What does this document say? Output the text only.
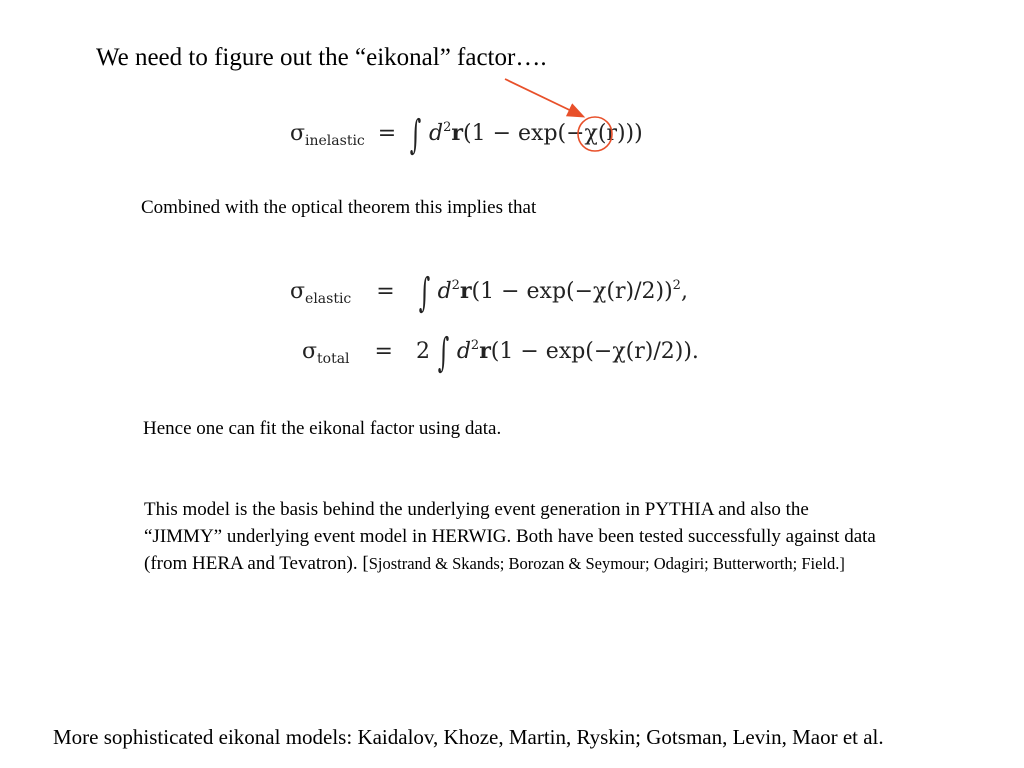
We need to figure out the “eikonal” factor….
$\sigma_{inelastic}$ = ∫ $d^2r(1 - \exp(-\chi(r)))$
Combined with the optical theorem this implies that
$\sigma_{elastic}$ = ∫ $d^2r(1 - \exp(-\chi(r)/2))^2$,
$\sigma_{total} = 2$ ∫ $d^2r(1 - \exp(-\chi(r)/2))$.
Hence one can fit the eikonal factor using data.
This model is the basis behind the underlying event generation in PYTHIA and also the “JIMMY” underlying event model in HERWIG. Both have been tested successfully against data (from HERA and Tevatron). [Sjostrand & Skands; Borozan & Seymour; Odagiri; Butterworth; Field.]
More sophisticated eikonal models: Kaidalov, Khoze, Martin, Ryskin; Gotsman, Levin, Maor et al.
